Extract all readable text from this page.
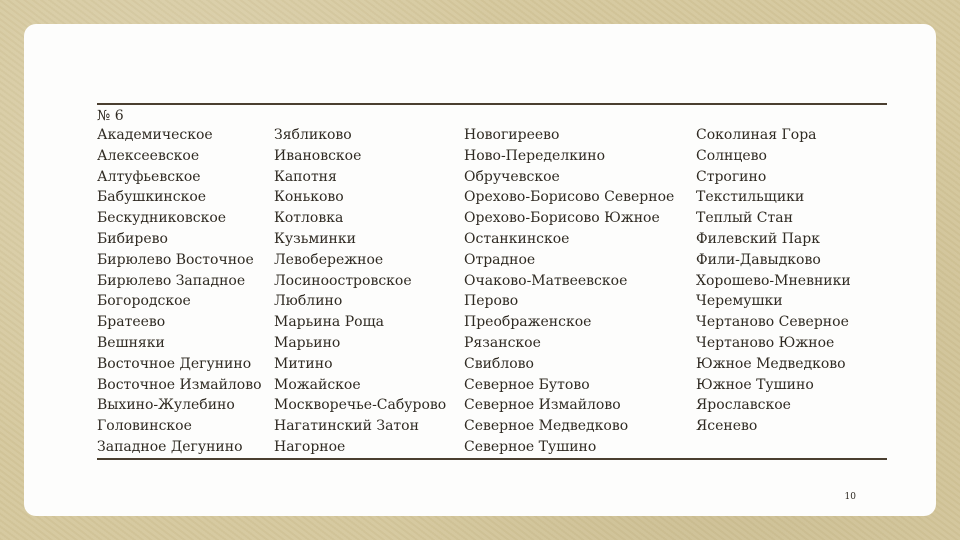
№ 6
Академическое
Алексеевское
Алтуфьевское
Бабушкинское
Бескудниковское
Бибирево
Бирюлево Восточное
Бирюлево Западное
Богородское
Братеево
Вешняки
Восточное Дегунино
Восточное Измайлово
Выхино-Жулебино
Головинское
Западное Дегунино
Зябликово
Ивановское
Капотня
Коньково
Котловка
Кузьминки
Левобережное
Лосиноостровское
Люблино
Марьина Роща
Марьино
Митино
Можайское
Москворечье-Сабурово
Нагатинский Затон
Нагорное
Новогиреево
Ново-Переделкино
Обручевское
Орехово-Борисово Северное
Орехово-Борисово Южное
Останкинское
Отрадное
Очаково-Матвеевское
Перово
Преображенское
Рязанское
Свиблово
Северное Бутово
Северное Измайлово
Северное Медведково
Северное Тушино
Соколиная Гора
Солнцево
Строгино
Текстильщики
Теплый Стан
Филевский Парк
Фили-Давыдково
Хорошево-Мневники
Черемушки
Чертаново Северное
Чертаново Южное
Южное Медведково
Южное Тушино
Ярославское
Ясенево
10
